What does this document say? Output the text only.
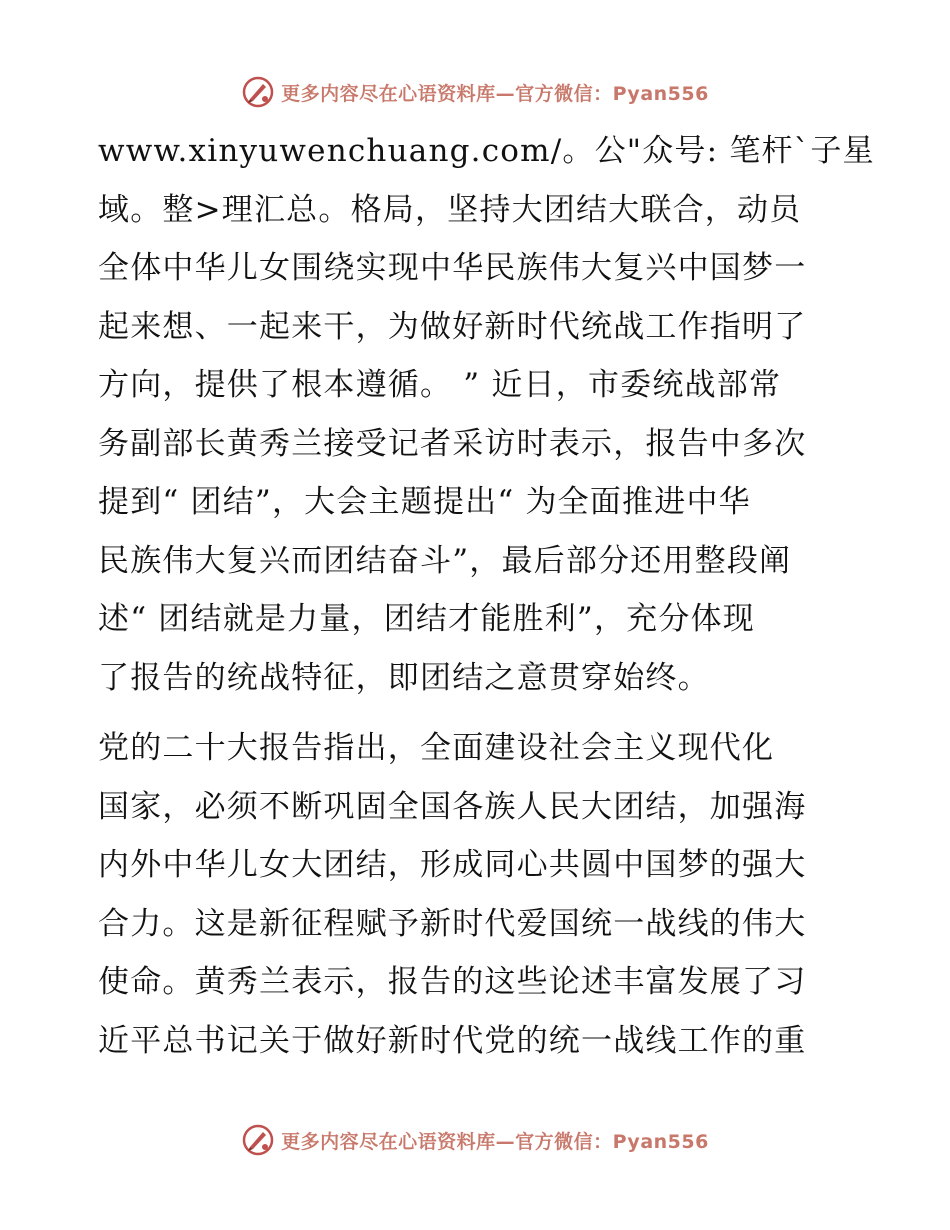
更多内容尽在心语资料库—官方微信：Pyan556

www.xinyuwenchuang.com/。公"众号: 笔杆`子星
域。整>理汇总。格局，坚持大团结大联合，动员
全体中华儿女围绕实现中华民族伟大复兴中国梦一
起来想、一起来干，为做好新时代统战工作指明了
方向，提供了根本遵循。 ” 近日，市委统战部常
务副部长黄秀兰接受记者采访时表示，报告中多次
提到“ 团结”，大会主题提出“ 为全面推进中华
民族伟大复兴而团结奋斗”，最后部分还用整段阐
述“ 团结就是力量，团结才能胜利”，充分体现
了报告的统战特征，即团结之意贯穿始终。

党的二十大报告指出，全面建设社会主义现代化
国家，必须不断巩固全国各族人民大团结，加强海
内外中华儿女大团结，形成同心共圆中国梦的强大
合力。这是新征程赋予新时代爱国统一战线的伟大
使命。黄秀兰表示，报告的这些论述丰富发展了习
近平总书记关于做好新时代党的统一战线工作的重

更多内容尽在心语资料库—官方微信：Pyan556
